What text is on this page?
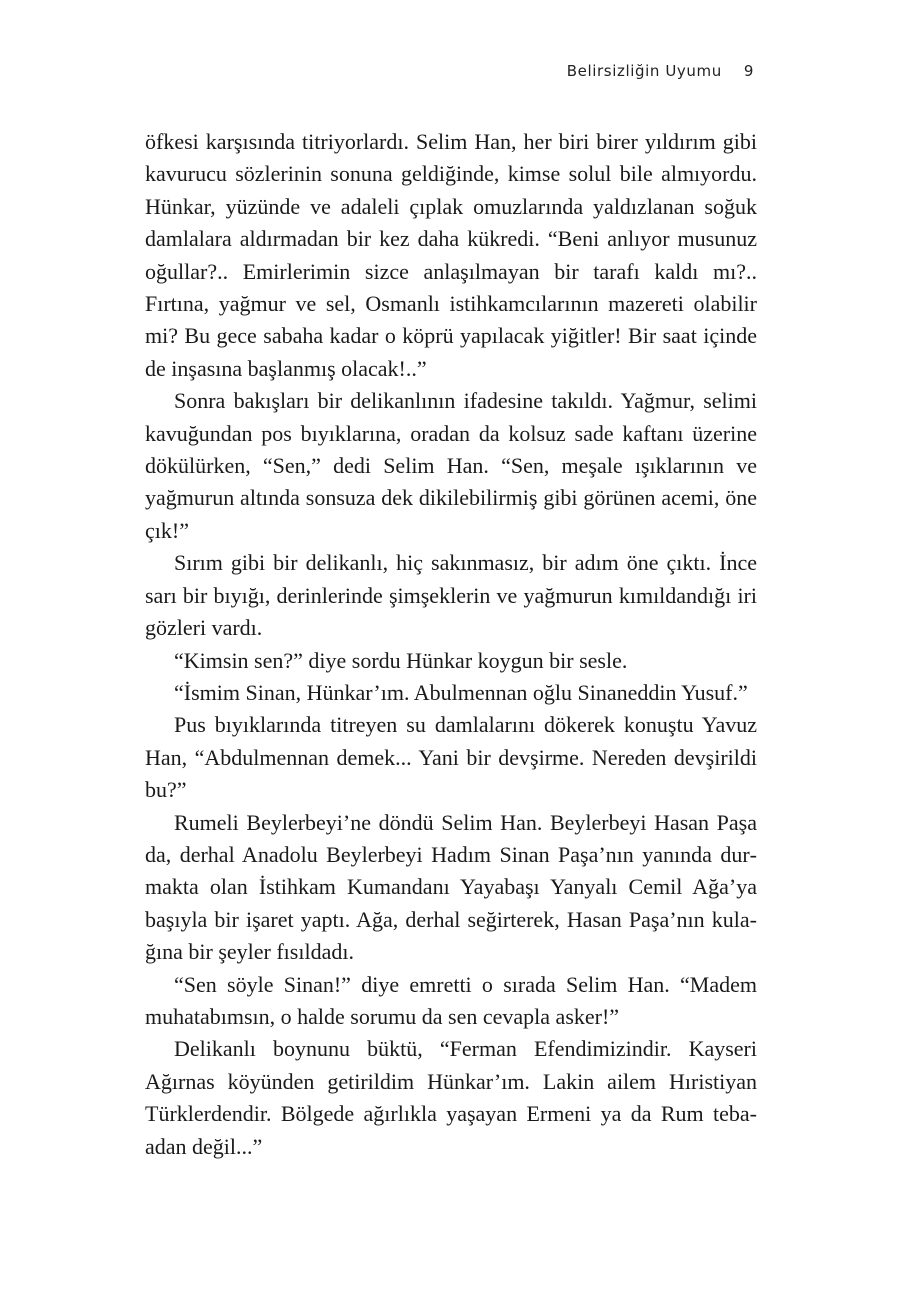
Belirsizliğin Uyumu 9

öfkesi karşısında titriyorlardı. Selim Han, her biri birer yıldırım gibi kavurucu sözlerinin sonuna geldiğinde, kimse solul bile almıyordu. Hünkar, yüzünde ve adaleli çıplak omuzlarında yaldızlanan soğuk damlalara aldırmadan bir kez daha kükredi. “Beni anlıyor musunuz oğullar?.. Emirlerimin sizce anlaşılmayan bir tarafı kaldı mı?.. Fırtına, yağmur ve sel, Osmanlı istihkamcılarının mazereti olabilir mi? Bu gece sabaha kadar o köprü yapılacak yiğitler! Bir saat içinde de inşasına başlanmış olacak!..”

Sonra bakışları bir delikanlının ifadesine takıldı. Yağmur, selimi kavuğundan pos bıyıklarına, oradan da kolsuz sade kaftanı üzerine dökülürken, “Sen,” dedi Selim Han. “Sen, meşale ışıklarının ve yağmurun altında sonsuza dek dikilebilirmiş gibi görünen acemi, öne çık!”

Sırım gibi bir delikanlı, hiç sakınmasız, bir adım öne çıktı. İnce sarı bir bıyığı, derinlerinde şimşeklerin ve yağmurun kımıldandığı iri gözleri vardı.

“Kimsin sen?” diye sordu Hünkar koygun bir sesle.

“İsmim Sinan, Hünkar’ım. Abulmennan oğlu Sinaneddin Yusuf.”

Pus bıyıklarında titreyen su damlalarını dökerek konuştu Yavuz Han, “Abdulmennan demek... Yani bir devşirme. Nereden devşirildi bu?”

Rumeli Beylerbeyi’ne döndü Selim Han. Beylerbeyi Hasan Paşa da, derhal Anadolu Beylerbeyi Hadım Sinan Paşa’nın yanında durmakta olan İstihkam Kumandanı Yayabaşı Yanyalı Cemil Ağa’ya başıyla bir işaret yaptı. Ağa, derhal seğirterek, Hasan Paşa’nın kulağına bir şeyler fısıldadı.

“Sen söyle Sinan!” diye emretti o sırada Selim Han. “Madem muhatabımsın, o halde sorumu da sen cevapla asker!”

Delikanlı boynunu büktü, “Ferman Efendimizindir. Kayseri Ağırnas köyünden getirildim Hünkar’ım. Lakin ailem Hıristiyan Türklerdendir. Bölgede ağırlıkla yaşayan Ermeni ya da Rum tebaadan değil...”
